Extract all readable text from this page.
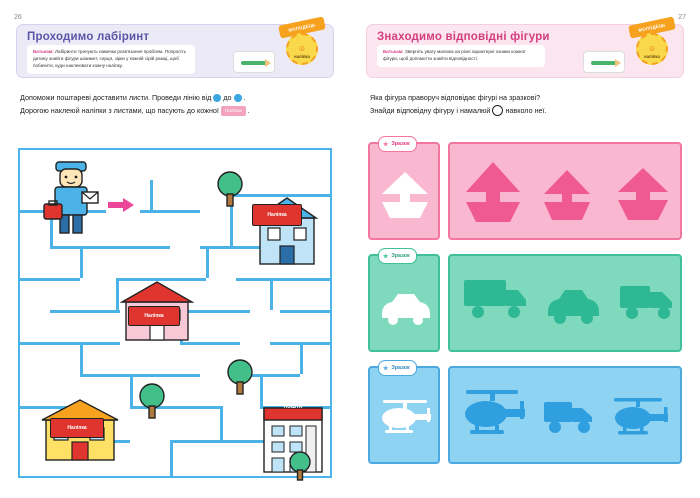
26
Проходимо лабіринт

Батькам: Лабіринти тренують навички розв'язання проблем. Попросіть дитину знайти фігури шіаимнт, серця, зірки у кожній сірій рамці, щоб побачити, куди наклеювати кожну наліпку.

МОЛОДЕЦЬ
☺
наліпка
Допоможи поштареві доставити листи. Проведи лінію від до .
Дорогою наклеюй наліпки з листами, що пасують до кожної Наліпка .
Наліпка
Наліпка
Наліпка
ПОШТА
27
Знаходимо відповідні фігури

Батькам: Зверніть увагу малюка на різні характерні ознаки кожної фігури, щоб допомогти знайти відповідності.

МОЛОДЕЦЬ
☺
наліпка
Яка фігура праворуч відповідає фігурі на зразкові?
Знайди відповідну фігуру і намалюй навколо неї.
★ Зразок
★ Зразок
★ Зразок
